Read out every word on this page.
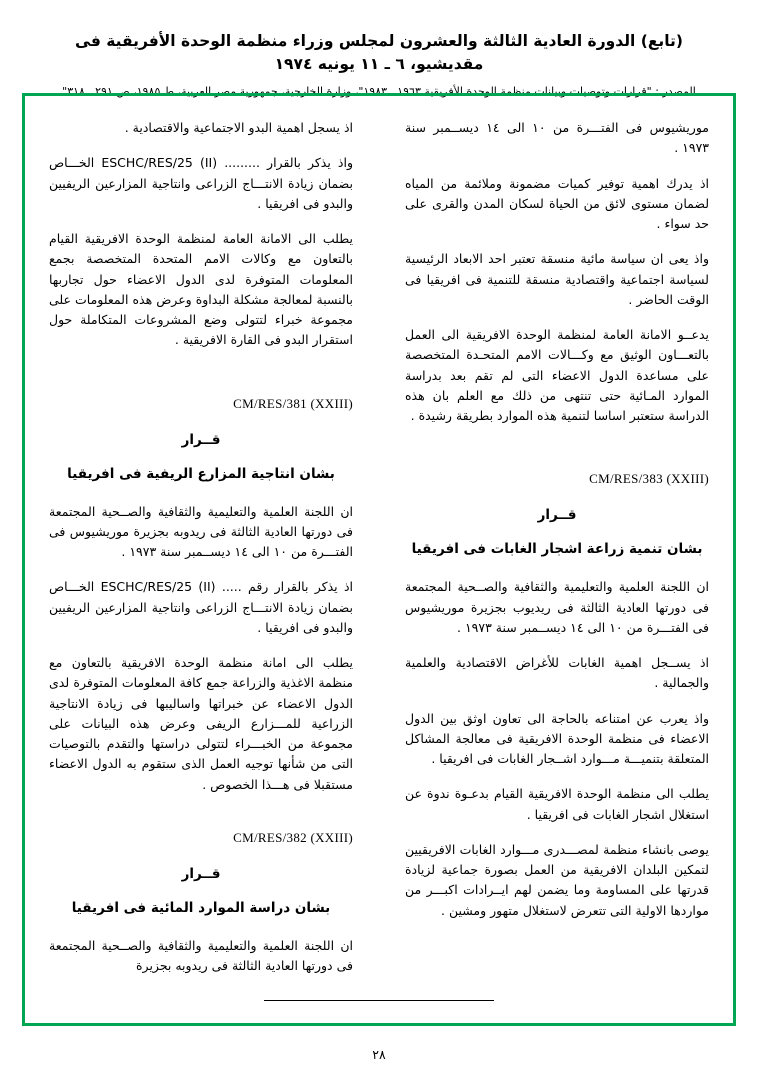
(تابع) الدورة العادية الثالثة والعشرون لمجلس وزراء منظمة الوحدة الأفريقية فى مقديشيو، ٦ ـ ١١ يونيه ١٩٧٤
المصدر : "قرارات وتوصيات وبيانات منظمة الوحدة الأفريقية ١٩٦٣ ـ ١٩٨٣"، وزارة الخارجية، جمهورية مصر العربية، ط ١٩٨٥، ص ٢٩١ ـ ٣١٨"

موريشيوس فى الفتـــرة من ١٠ الى ١٤ ديســمبر سنة ١٩٧٣ .

اذ يدرك اهمية توفير كميات مضمونة وملائمة من المياه لضمان مستوى لائق من الحياة لسكان المدن والقرى على حد سواء .

واذ يعى ان سياسة مائية منسقة تعتبر احد الابعاد الرئيسية لسياسة اجتماعية واقتصادية منسقة للتنمية فى افريقيا فى الوقت الحاضر .

يدعــو الامانة العامة لمنظمة الوحدة الافريقية الى العمل بالتعـــاون الوثيق مع وكـــالات الامم المتحـدة المتخصصة على مساعدة الدول الاعضاء التى لم تقم بعد بدراسة الموارد المـائية حتى تنتهى من ذلك مع العلم بان هذه الدراسة ستعتبر اساسا لتنمية هذه الموارد بطريقة رشيدة .

CM/RES/383 (XXIII)
قــرار
بشان تنمية زراعة اشجار الغابات فى افريقيا

ان اللجنة العلمية والتعليمية والثقافية والصــحية المجتمعة فى دورتها العادية الثالثة فى ريديوب بجزيرة موريشيوس فى الفتـــرة من ١٠ الى ١٤ ديســمبر سنة ١٩٧٣ .

اذ يســجل اهمية الغابات للأغراض الاقتصادية والعلمية والجمالية .

واذ يعرب عن امتناعه بالحاجة الى تعاون اوثق بين الدول الاعضاء فى منظمة الوحدة الافريقية فى معالجة المشاكل المتعلقة بتنميـــة مـــوارد اشــجار الغابات فى افريقيا .

يطلب الى منظمة الوحدة الافريقية القيام بدعـوة ندوة عن استغلال اشجار الغابات فى افريقيا .

يوصى بانشاء منظمة لمصـــدرى مـــوارد الغابات الافريقيين لتمكين البلدان الافريقية من العمل بصورة جماعية لزيادة قدرتها على المساومة وما يضمن لهم ايــرادات اكبـــر من مواردها الاولية التى تتعرض لاستغلال متهور ومشين .

اذ يسجل اهمية البدو الاجتماعية والاقتصادية .

واذ يذكر بالقرار ......... (II) ESCHC/RES/25 الخـــاص بضمان زيادة الانتـــاج الزراعى وانتاجية المزارعين الريفيين والبدو فى افريقيا .

يطلب الى الامانة العامة لمنظمة الوحدة الافريقية القيام بالتعاون مع وكالات الامم المتحدة المتخصصة بجمع المعلومات المتوفرة لدى الدول الاعضاء حول تجاربها بالنسبة لمعالجة مشكلة البداوة وعرض هذه المعلومات على مجموعة خبراء لتتولى وضع المشروعات المتكاملة حول استقرار البدو فى القارة الافريقية .

CM/RES/381 (XXIII)
قــرار
بشان انتاجية المزارع الريفية فى افريقيا

ان اللجنة العلمية والتعليمية والثقافية والصــحية المجتمعة فى دورتها العادية الثالثة فى ريدوبه بجزيرة موريشيوس فى الفتـــرة من ١٠ الى ١٤ ديســمبر سنة ١٩٧٣ .

اذ يذكر بالقرار رقم ..... (II) ESCHC/RES/25 الخـــاص بضمان زيادة الانتـــاج الزراعى وانتاجية المزارعين الريفيين والبدو فى افريقيا .

يطلب الى امانة منظمة الوحدة الافريقية بالتعاون مع منظمة الاغذية والزراعة جمع كافة المعلومات المتوفرة لدى الدول الاعضاء عن خبراتها واساليبها فى زيادة الانتاجية الزراعية للمـــزارع الريفى وعرض هذه البيانات على مجموعة من الخبـــراء لتتولى دراستها والتقدم بالتوصيات التى من شأنها توجيه العمل الذى ستقوم به الدول الاعضاء مستقبلا فى هـــذا الخصوص .

CM/RES/382 (XXIII)
قــرار
بشان دراسة الموارد المائية فى افريقيا

ان اللجنة العلمية والتعليمية والثقافية والصــحية المجتمعة فى دورتها العادية الثالثة فى ريدوبه بجزيرة

٢٨
